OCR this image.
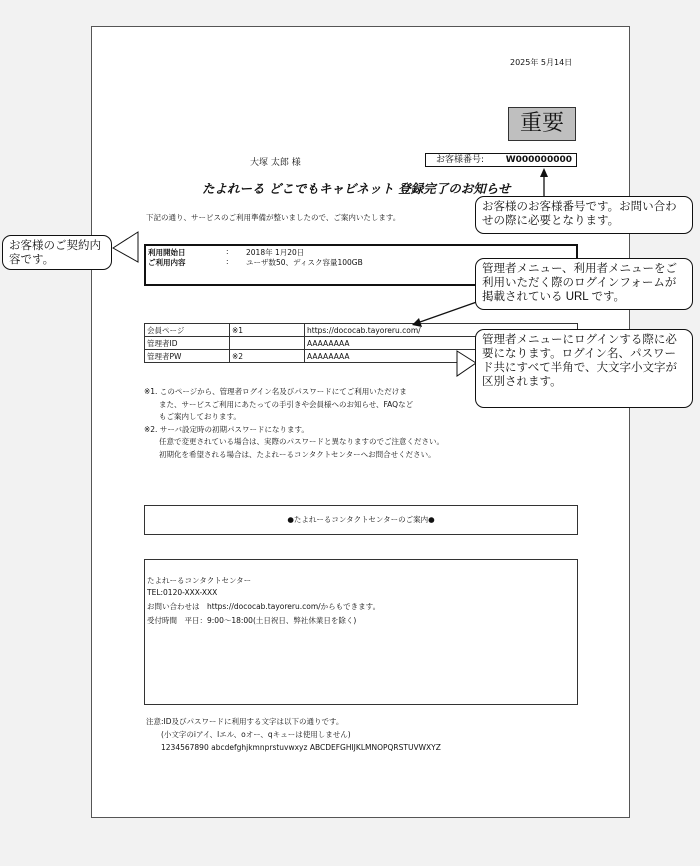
2025年 5月14日
重要
大塚 太郎 様	お客様番号: W000000000
たよれーる どこでもキャビネット 登録完了のお知らせ
下記の通り、サービスのご利用準備が整いましたので、ご案内いたします。
利用開始日	: 2018年 1月20日
ご利用内容	: ユーザ数50、ディスク容量100GB
会員ページ	※1	https://dococab.tayoreru.com/
管理者ID		AAAAAAAA
管理者PW	※2	AAAAAAAA
※1. このページから、管理者ログイン名及びパスワードにてご利用いただけま
また、サービスご利用にあたっての手引きや会員様へのお知らせ、FAQなど
もご案内しております。
※2. サーバ設定時の初期パスワードになります。
任意で変更されている場合は、実際のパスワードと異なりますのでご注意ください。
初期化を希望される場合は、たよれーるコンタクトセンターへお問合せください。
●たよれーるコンタクトセンターのご案内●
たよれーるコンタクトセンター
TEL:0120-XXX-XXX
お問い合わせは　https://dococab.tayoreru.com/からもできます。
受付時間　平日：9:00～18:00(土日祝日、弊社休業日を除く)
注意:ID及びパスワードに利用する文字は以下の通りです。
(小文字のiアイ、lエル、oオー、qキューは使用しません)
1234567890 abcdefghjkmnprstuvwxyz ABCDEFGHIJKLMNOPQRSTUVWXYZ
お客様のご契約内容です。
お客様のお客様番号です。お問い合わせの際に必要となります。
管理者メニュー、利用者メニューをご利用いただく際のログインフォームが掲載されている URL です。
管理者メニューにログインする際に必要になります。ログイン名、パスワード共にすべて半角で、大文字小文字が区別されます。
